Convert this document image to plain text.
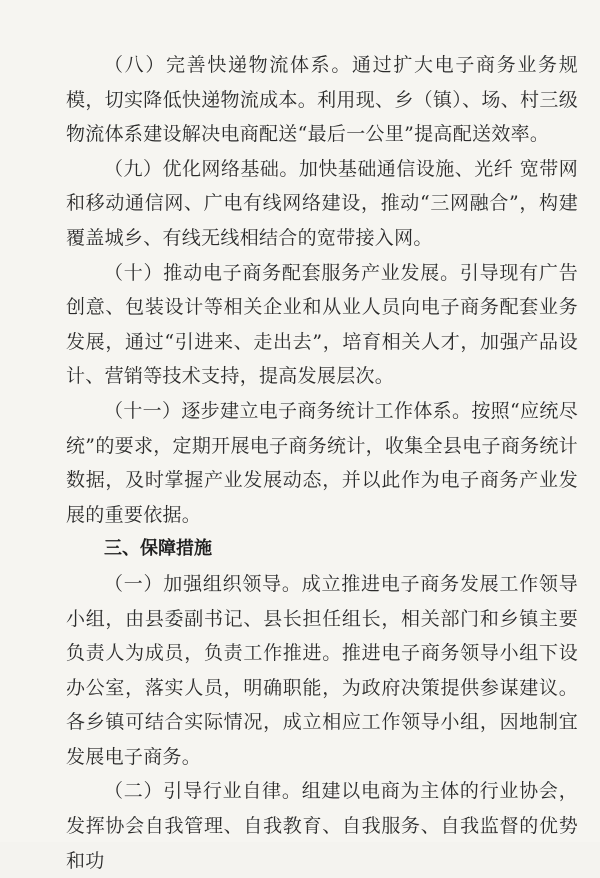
（八）完善快递物流体系。通过扩大电子商务业务规模，切实降低快递物流成本。利用现、乡（镇）、场、村三级物流体系建设解决电商配送“最后一公里”提高配送效率。

（九）优化网络基础。加快基础通信设施、光纤 宽带网和移动通信网、广电有线网络建设，推动“三网融合”，构建覆盖城乡、有线无线相结合的宽带接入网。

（十）推动电子商务配套服务产业发展。引导现有广告创意、包装设计等相关企业和从业人员向电子商务配套业务发展，通过“引进来、走出去”，培育相关人才，加强产品设计、营销等技术支持，提高发展层次。

（十一）逐步建立电子商务统计工作体系。按照“应统尽统”的要求，定期开展电子商务统计，收集全县电子商务统计数据，及时掌握产业发展动态，并以此作为电子商务产业发展的重要依据。

三、保障措施

（一）加强组织领导。成立推进电子商务发展工作领导小组，由县委副书记、县长担任组长，相关部门和乡镇主要负责人为成员，负责工作推进。推进电子商务领导小组下设办公室，落实人员，明确职能，为政府决策提供参谋建议。各乡镇可结合实际情况，成立相应工作领导小组，因地制宜发展电子商务。

（二）引导行业自律。组建以电商为主体的行业协会，发挥协会自我管理、自我教育、自我服务、自我监督的优势和功
